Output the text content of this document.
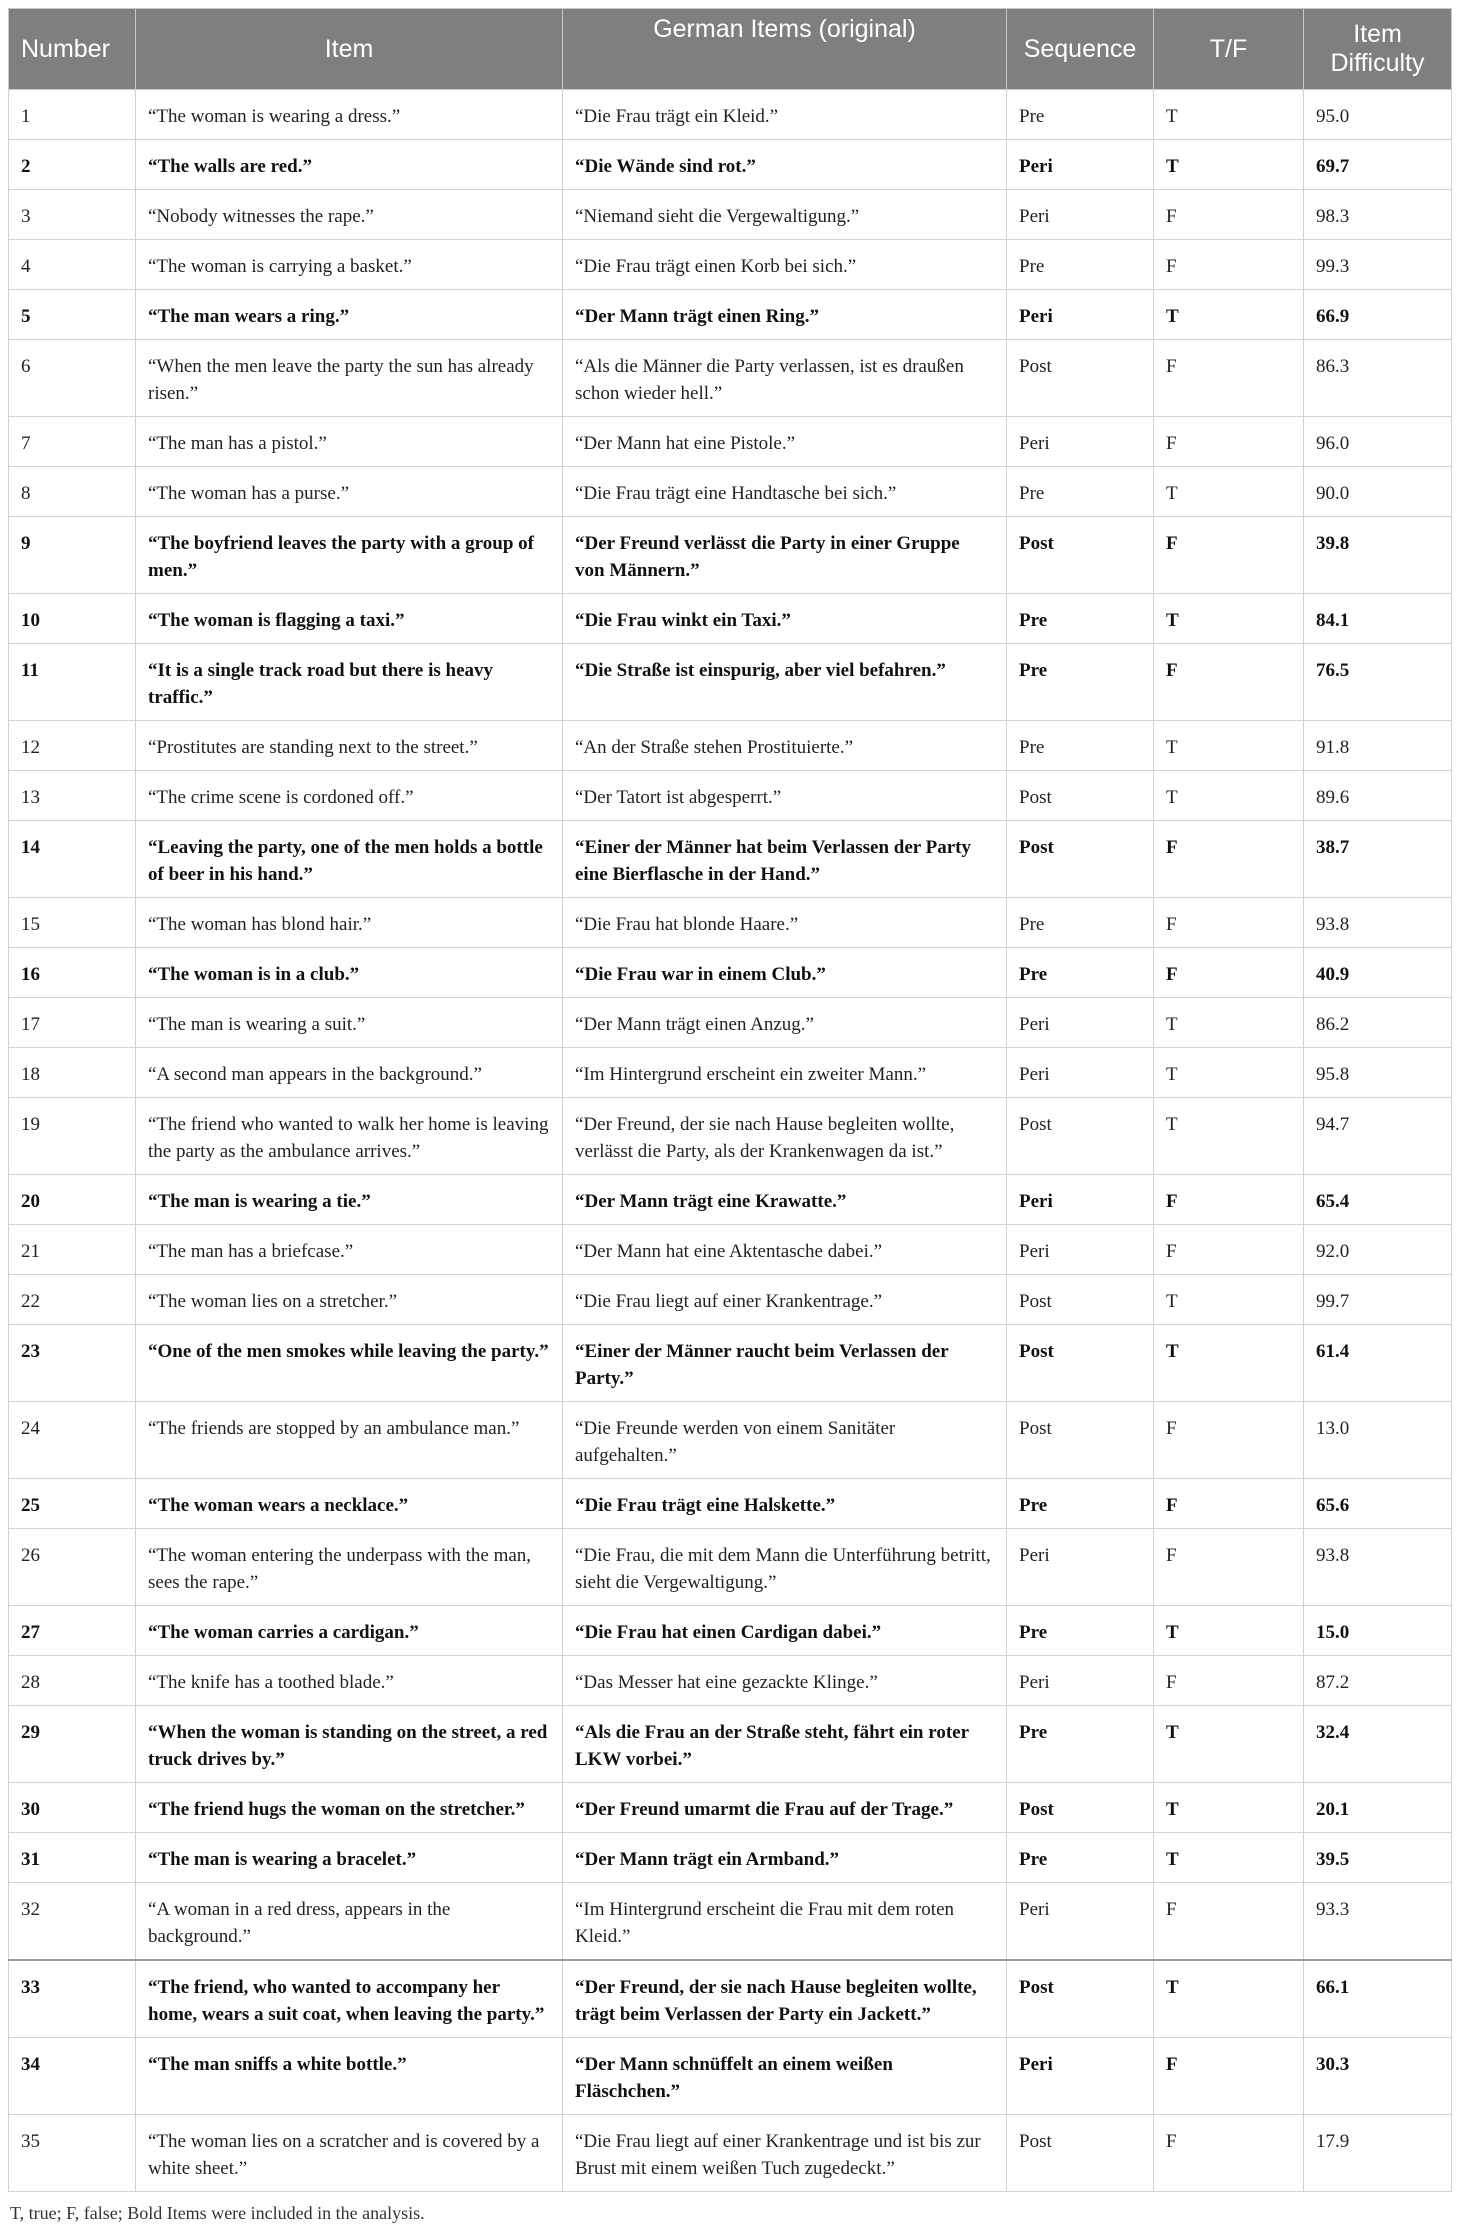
Number	Item	German Items (original)	Sequence	T/F	Item Difficulty
1	“The woman is wearing a dress.”	“Die Frau trägt ein Kleid.”	Pre	T	95.0
2	“The walls are red.”	“Die Wände sind rot.”	Peri	T	69.7
3	“Nobody witnesses the rape.”	“Niemand sieht die Vergewaltigung.”	Peri	F	98.3
4	“The woman is carrying a basket.”	“Die Frau trägt einen Korb bei sich.”	Pre	F	99.3
5	“The man wears a ring.”	“Der Mann trägt einen Ring.”	Peri	T	66.9
6	“When the men leave the party the sun has already risen.”	“Als die Männer die Party verlassen, ist es draußen schon wieder hell.”	Post	F	86.3
7	“The man has a pistol.”	“Der Mann hat eine Pistole.”	Peri	F	96.0
8	“The woman has a purse.”	“Die Frau trägt eine Handtasche bei sich.”	Pre	T	90.0
9	“The boyfriend leaves the party with a group of men.”	“Der Freund verlässt die Party in einer Gruppe von Männern.”	Post	F	39.8
10	“The woman is flagging a taxi.”	“Die Frau winkt ein Taxi.”	Pre	T	84.1
11	“It is a single track road but there is heavy traffic.”	“Die Straße ist einspurig, aber viel befahren.”	Pre	F	76.5
12	“Prostitutes are standing next to the street.”	“An der Straße stehen Prostituierte.”	Pre	T	91.8
13	“The crime scene is cordoned off.”	“Der Tatort ist abgesperrt.”	Post	T	89.6
14	“Leaving the party, one of the men holds a bottle of beer in his hand.”	“Einer der Männer hat beim Verlassen der Party eine Bierflasche in der Hand.”	Post	F	38.7
15	“The woman has blond hair.”	“Die Frau hat blonde Haare.”	Pre	F	93.8
16	“The woman is in a club.”	“Die Frau war in einem Club.”	Pre	F	40.9
17	“The man is wearing a suit.”	“Der Mann trägt einen Anzug.”	Peri	T	86.2
18	“A second man appears in the background.”	“Im Hintergrund erscheint ein zweiter Mann.”	Peri	T	95.8
19	“The friend who wanted to walk her home is leaving the party as the ambulance arrives.”	“Der Freund, der sie nach Hause begleiten wollte, verlässt die Party, als der Krankenwagen da ist.”	Post	T	94.7
20	“The man is wearing a tie.”	“Der Mann trägt eine Krawatte.”	Peri	F	65.4
21	“The man has a briefcase.”	“Der Mann hat eine Aktentasche dabei.”	Peri	F	92.0
22	“The woman lies on a stretcher.”	“Die Frau liegt auf einer Krankentrage.”	Post	T	99.7
23	“One of the men smokes while leaving the party.”	“Einer der Männer raucht beim Verlassen der Party.”	Post	T	61.4
24	“The friends are stopped by an ambulance man.”	“Die Freunde werden von einem Sanitäter aufgehalten.”	Post	F	13.0
25	“The woman wears a necklace.”	“Die Frau trägt eine Halskette.”	Pre	F	65.6
26	“The woman entering the underpass with the man, sees the rape.”	“Die Frau, die mit dem Mann die Unterführung betritt, sieht die Vergewaltigung.”	Peri	F	93.8
27	“The woman carries a cardigan.”	“Die Frau hat einen Cardigan dabei.”	Pre	T	15.0
28	“The knife has a toothed blade.”	“Das Messer hat eine gezackte Klinge.”	Peri	F	87.2
29	“When the woman is standing on the street, a red truck drives by.”	“Als die Frau an der Straße steht, fährt ein roter LKW vorbei.”	Pre	T	32.4
30	“The friend hugs the woman on the stretcher.”	“Der Freund umarmt die Frau auf der Trage.”	Post	T	20.1
31	“The man is wearing a bracelet.”	“Der Mann trägt ein Armband.”	Pre	T	39.5
32	“A woman in a red dress, appears in the background.”	“Im Hintergrund erscheint die Frau mit dem roten Kleid.”	Peri	F	93.3
33	“The friend, who wanted to accompany her home, wears a suit coat, when leaving the party.”	“Der Freund, der sie nach Hause begleiten wollte, trägt beim Verlassen der Party ein Jackett.”	Post	T	66.1
34	“The man sniffs a white bottle.”	“Der Mann schnüffelt an einem weißen Fläschchen.”	Peri	F	30.3
35	“The woman lies on a scratcher and is covered by a white sheet.”	“Die Frau liegt auf einer Krankentrage und ist bis zur Brust mit einem weißen Tuch zugedeckt.”	Post	F	17.9
T, true; F, false; Bold Items were included in the analysis.
